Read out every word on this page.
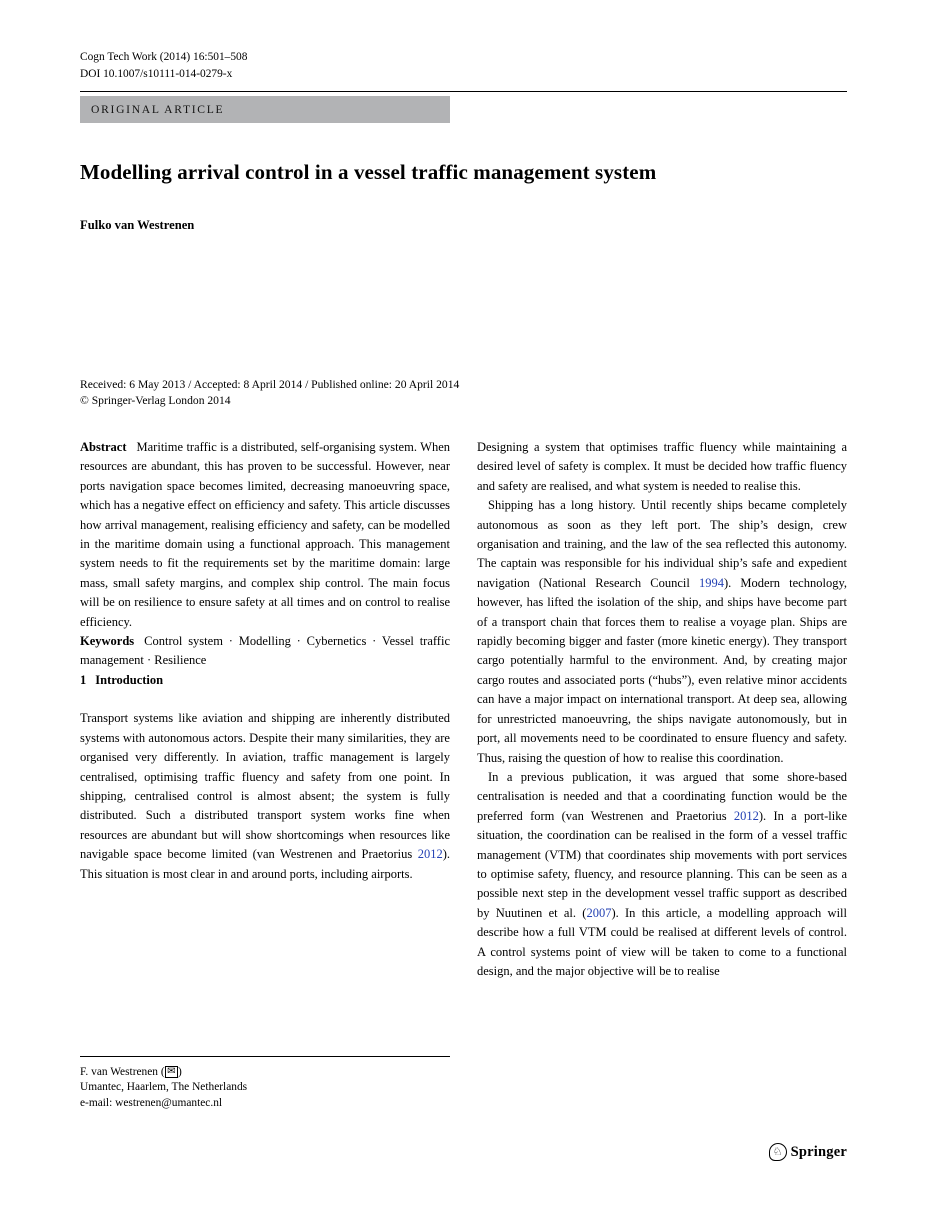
Cogn Tech Work (2014) 16:501–508
DOI 10.1007/s10111-014-0279-x
ORIGINAL ARTICLE
Modelling arrival control in a vessel traffic management system
Fulko van Westrenen
Received: 6 May 2013 / Accepted: 8 April 2014 / Published online: 20 April 2014
© Springer-Verlag London 2014

Abstract Maritime traffic is a distributed, self-organising system. When resources are abundant, this has proven to be successful. However, near ports navigation space becomes limited, decreasing manoeuvring space, which has a negative effect on efficiency and safety. This article discusses how arrival management, realising efficiency and safety, can be modelled in the maritime domain using a functional approach. This management system needs to fit the requirements set by the maritime domain: large mass, small safety margins, and complex ship control. The main focus will be on resilience to ensure safety at all times and on control to realise efficiency.

Keywords Control system · Modelling · Cybernetics · Vessel traffic management · Resilience

1 Introduction

Transport systems like aviation and shipping are inherently distributed systems with autonomous actors. Despite their many similarities, they are organised very differently. In aviation, traffic management is largely centralised, optimising traffic fluency and safety from one point. In shipping, centralised control is almost absent; the system is fully distributed. Such a distributed transport system works fine when resources are abundant but will show shortcomings when resources like navigable space become limited (van Westrenen and Praetorius 2012). This situation is most clear in and around ports, including airports.

Designing a system that optimises traffic fluency while maintaining a desired level of safety is complex. It must be decided how traffic fluency and safety are realised, and what system is needed to realise this.

Shipping has a long history. Until recently ships became completely autonomous as soon as they left port. The ship’s design, crew organisation and training, and the law of the sea reflected this autonomy. The captain was responsible for his individual ship’s safe and expedient navigation (National Research Council 1994). Modern technology, however, has lifted the isolation of the ship, and ships have become part of a transport chain that forces them to realise a voyage plan. Ships are rapidly becoming bigger and faster (more kinetic energy). They transport cargo potentially harmful to the environment. And, by creating major cargo routes and associated ports (“hubs”), even relative minor accidents can have a major impact on international transport. At deep sea, allowing for unrestricted manoeuvring, the ships navigate autonomously, but in port, all movements need to be coordinated to ensure fluency and safety. Thus, raising the question of how to realise this coordination.

In a previous publication, it was argued that some shore-based centralisation is needed and that a coordinating function would be the preferred form (van Westrenen and Praetorius 2012). In a port-like situation, the coordination can be realised in the form of a vessel traffic management (VTM) that coordinates ship movements with port services to optimise safety, fluency, and resource planning. This can be seen as a possible next step in the development vessel traffic support as described by Nuutinen et al. (2007). In this article, a modelling approach will describe how a full VTM could be realised at different levels of control. A control systems point of view will be taken to come to a functional design, and the major objective will be to realise

F. van Westrenen ( ✉ )
Umantec, Haarlem, The Netherlands
e-mail: westrenen@umantec.nl
♘ Springer
